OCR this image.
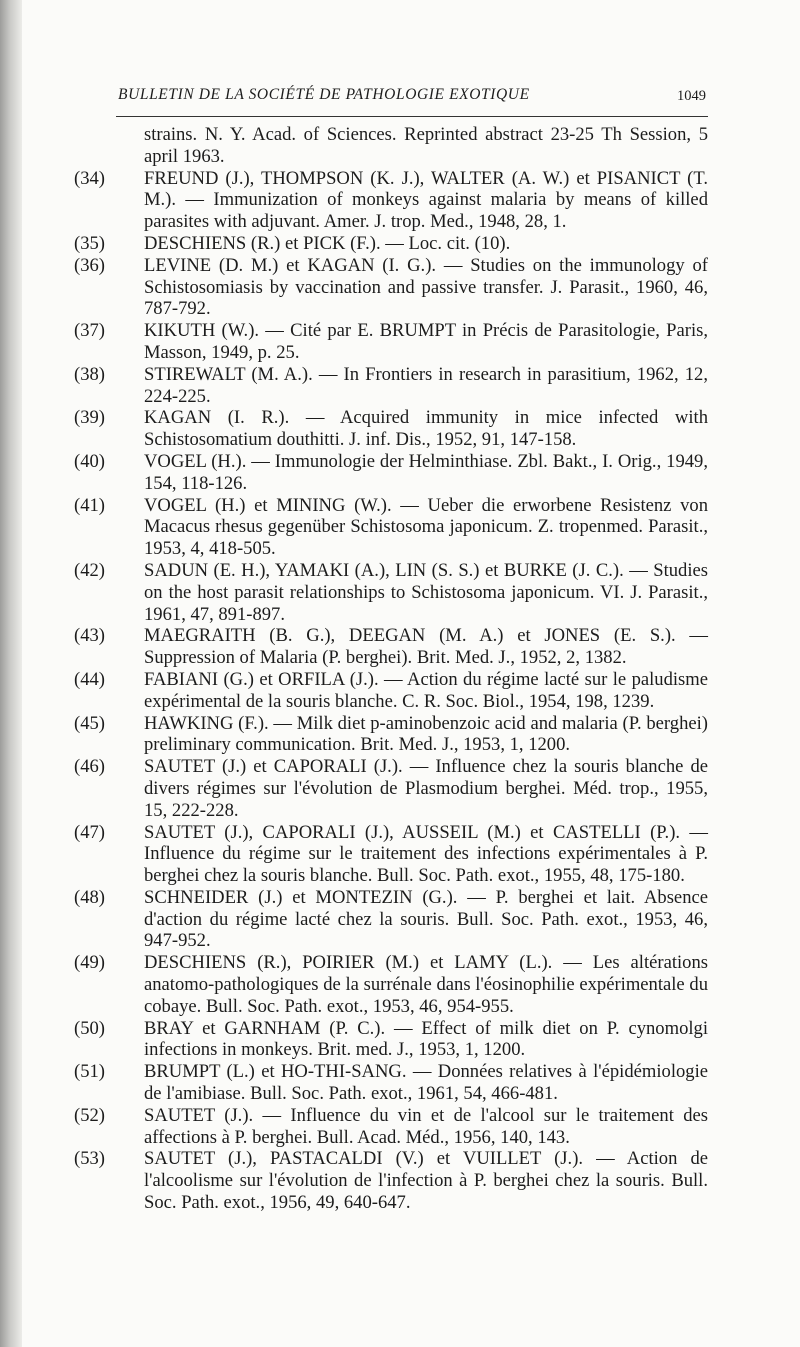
BULLETIN DE LA SOCIÉTÉ DE PATHOLOGIE EXOTIQUE	1049
strains. N. Y. Acad. of Sciences. Reprinted abstract 23-25 Th Session, 5 april 1963.
(34)	FREUND (J.), THOMPSON (K. J.), WALTER (A. W.) et PISANICT (T. M.). — Immunization of monkeys against malaria by means of killed parasites with adjuvant. Amer. J. trop. Med., 1948, 28, 1.
(35)	DESCHIENS (R.) et PICK (F.). — Loc. cit. (10).
(36)	LEVINE (D. M.) et KAGAN (I. G.). — Studies on the immunology of Schistosomiasis by vaccination and passive transfer. J. Parasit., 1960, 46, 787-792.
(37)	KIKUTH (W.). — Cité par E. BRUMPT in Précis de Parasitologie, Paris, Masson, 1949, p. 25.
(38)	STIREWALT (M. A.). — In Frontiers in research in parasitium, 1962, 12, 224-225.
(39)	KAGAN (I. R.). — Acquired immunity in mice infected with Schistosomatium douthitti. J. inf. Dis., 1952, 91, 147-158.
(40)	VOGEL (H.). — Immunologie der Helminthiase. Zbl. Bakt., I. Orig., 1949, 154, 118-126.
(41)	VOGEL (H.) et MINING (W.). — Ueber die erworbene Resistenz von Macacus rhesus gegenüber Schistosoma japonicum. Z. tropenmed. Parasit., 1953, 4, 418-505.
(42)	SADUN (E. H.), YAMAKI (A.), LIN (S. S.) et BURKE (J. C.). — Studies on the host parasit relationships to Schistosoma japonicum. VI. J. Parasit., 1961, 47, 891-897.
(43)	MAEGRAITH (B. G.), DEEGAN (M. A.) et JONES (E. S.). — Suppression of Malaria (P. berghei). Brit. Med. J., 1952, 2, 1382.
(44)	FABIANI (G.) et ORFILA (J.). — Action du régime lacté sur le paludisme expérimental de la souris blanche. C. R. Soc. Biol., 1954, 198, 1239.
(45)	HAWKING (F.). — Milk diet p-aminobenzoic acid and malaria (P. berghei) preliminary communication. Brit. Med. J., 1953, 1, 1200.
(46)	SAUTET (J.) et CAPORALI (J.). — Influence chez la souris blanche de divers régimes sur l'évolution de Plasmodium berghei. Méd. trop., 1955, 15, 222-228.
(47)	SAUTET (J.), CAPORALI (J.), AUSSEIL (M.) et CASTELLI (P.). — Influence du régime sur le traitement des infections expérimentales à P. berghei chez la souris blanche. Bull. Soc. Path. exot., 1955, 48, 175-180.
(48)	SCHNEIDER (J.) et MONTEZIN (G.). — P. berghei et lait. Absence d'action du régime lacté chez la souris. Bull. Soc. Path. exot., 1953, 46, 947-952.
(49)	DESCHIENS (R.), POIRIER (M.) et LAMY (L.). — Les altérations anatomo-pathologiques de la surrénale dans l'éosinophilie expérimentale du cobaye. Bull. Soc. Path. exot., 1953, 46, 954-955.
(50)	BRAY et GARNHAM (P. C.). — Effect of milk diet on P. cynomolgi infections in monkeys. Brit. med. J., 1953, 1, 1200.
(51)	BRUMPT (L.) et HO-THI-SANG. — Données relatives à l'épidémiologie de l'amibiase. Bull. Soc. Path. exot., 1961, 54, 466-481.
(52)	SAUTET (J.). — Influence du vin et de l'alcool sur le traitement des affections à P. berghei. Bull. Acad. Méd., 1956, 140, 143.
(53)	SAUTET (J.), PASTACALDI (V.) et VUILLET (J.). — Action de l'alcoolisme sur l'évolution de l'infection à P. berghei chez la souris. Bull. Soc. Path. exot., 1956, 49, 640-647.
